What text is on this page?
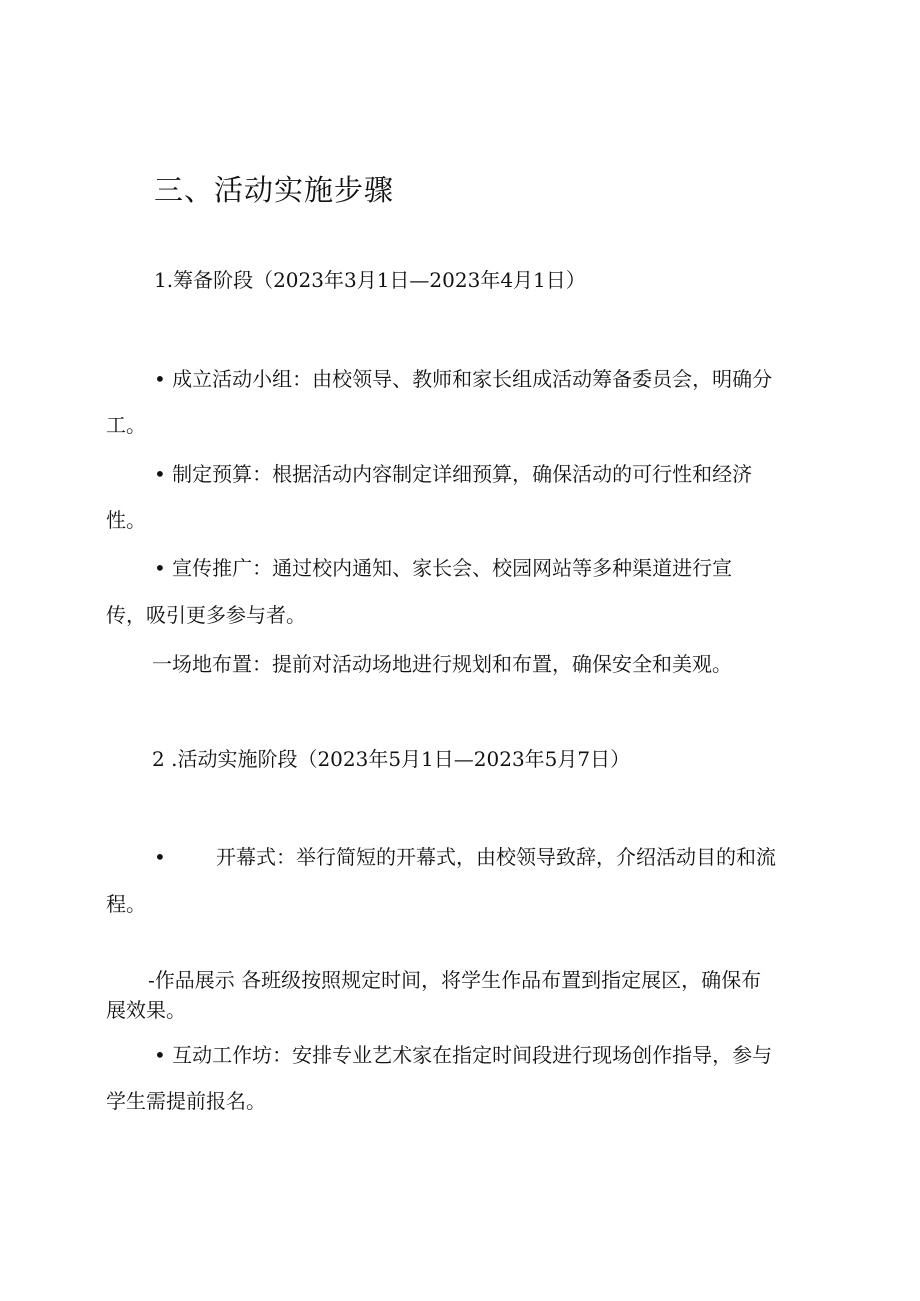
三、活动实施步骤

1.筹备阶段（2023年3月1日—2023年4月1日）

• 成立活动小组：由校领导、教师和家长组成活动筹备委员会，明确分

工。

• 制定预算：根据活动内容制定详细预算，确保活动的可行性和经济

性。

• 宣传推广：通过校内通知、家长会、校园网站等多种渠道进行宣

传，吸引更多参与者。

一场地布置：提前对活动场地进行规划和布置，确保安全和美观。

2 .活动实施阶段（2023年5月1日—2023年5月7日）

•	开幕式：举行简短的开幕式，由校领导致辞，介绍活动目的和流

程。

-作品展示 各班级按照规定时间，将学生作品布置到指定展区，确保布

展效果。

• 互动工作坊：安排专业艺术家在指定时间段进行现场创作指导，参与

学生需提前报名。
